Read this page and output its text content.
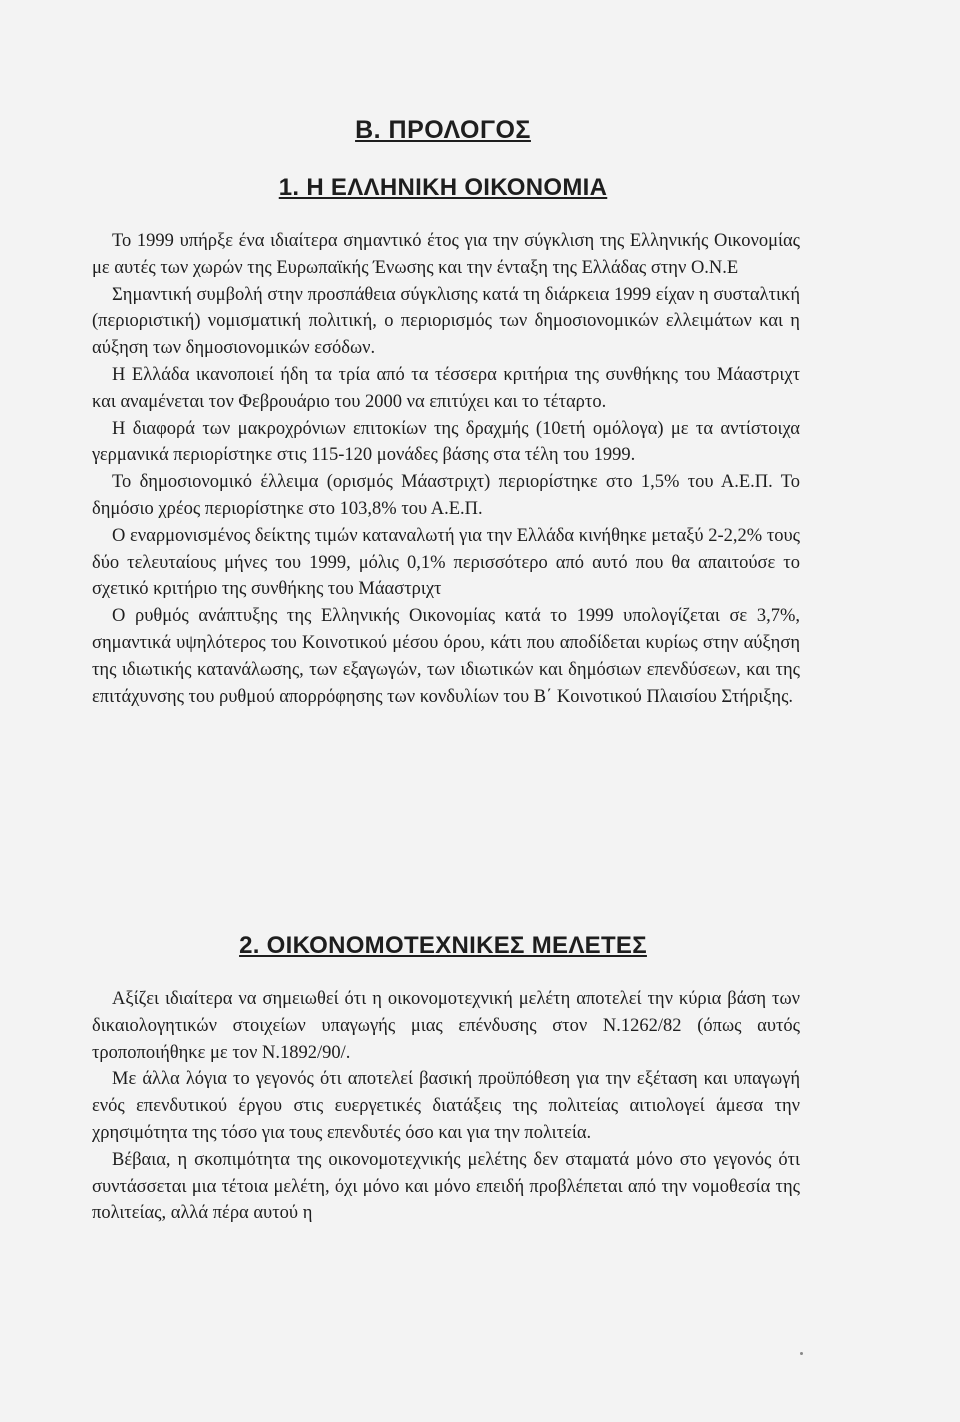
Β. ΠΡΟΛΟΓΟΣ
1. Η ΕΛΛΗΝΙΚΗ ΟΙΚΟΝΟΜΙΑ

Το 1999 υπήρξε ένα ιδιαίτερα σημαντικό έτος για την σύγκλιση της Ελληνικής Οικονομίας με αυτές των χωρών της Ευρωπαϊκής Ένωσης και την ένταξη της Ελλάδας στην Ο.Ν.Ε

Σημαντική συμβολή στην προσπάθεια σύγκλισης κατά τη διάρκεια 1999 είχαν η συσταλτική (περιοριστική) νομισματική πολιτική, ο περιορισμός των δημοσιονομικών ελλειμάτων και η αύξηση των δημοσιονομικών εσόδων.

Η Ελλάδα ικανοποιεί ήδη τα τρία από τα τέσσερα κριτήρια της συνθήκης του Μάαστριχτ και αναμένεται τον Φεβρουάριο του 2000 να επιτύχει και το τέταρτο.

Η διαφορά των μακροχρόνιων επιτοκίων της δραχμής (10ετή ομόλογα) με τα αντίστοιχα γερμανικά περιορίστηκε στις 115-120 μονάδες βάσης στα τέλη του 1999.

Το δημοσιονομικό έλλειμα (ορισμός Μάαστριχτ) περιορίστηκε στο 1,5% του Α.Ε.Π. Το δημόσιο χρέος περιορίστηκε στο 103,8% του Α.Ε.Π.

Ο εναρμονισμένος δείκτης τιμών καταναλωτή για την Ελλάδα κινήθηκε μεταξύ 2-2,2% τους δύο τελευταίους μήνες του 1999, μόλις 0,1% περισσότερο από αυτό που θα απαιτούσε το σχετικό κριτήριο της συνθήκης του Μάαστριχτ

Ο ρυθμός ανάπτυξης της Ελληνικής Οικονομίας κατά το 1999 υπολογίζεται σε 3,7%, σημαντικά υψηλότερος του Κοινοτικού μέσου όρου, κάτι που αποδίδεται κυρίως στην αύξηση της ιδιωτικής κατανάλωσης, των εξαγωγών, των ιδιωτικών και δημόσιων επενδύσεων, και της επιτάχυνσης του ρυθμού απορρόφησης των κονδυλίων του Β΄ Κοινοτικού Πλαισίου Στήριξης.

2. ΟΙΚΟΝΟΜΟΤΕΧΝΙΚΕΣ ΜΕΛΕΤΕΣ

Αξίζει ιδιαίτερα να σημειωθεί ότι η οικονομοτεχνική μελέτη αποτελεί την κύρια βάση των δικαιολογητικών στοιχείων υπαγωγής μιας επένδυσης στον Ν.1262/82 (όπως αυτός τροποποιήθηκε με τον Ν.1892/90/.

Με άλλα λόγια το γεγονός ότι αποτελεί βασική προϋπόθεση για την εξέταση και υπαγωγή ενός επενδυτικού έργου στις ευεργετικές διατάξεις της πολιτείας αιτιολογεί άμεσα την χρησιμότητα της τόσο για τους επενδυτές όσο και για την πολιτεία.

Βέβαια, η σκοπιμότητα της οικονομοτεχνικής μελέτης δεν σταματά μόνο στο γεγονός ότι συντάσσεται μια τέτοια μελέτη, όχι μόνο και μόνο επειδή προβλέπεται από την νομοθεσία της πολιτείας, αλλά πέρα αυτού η
